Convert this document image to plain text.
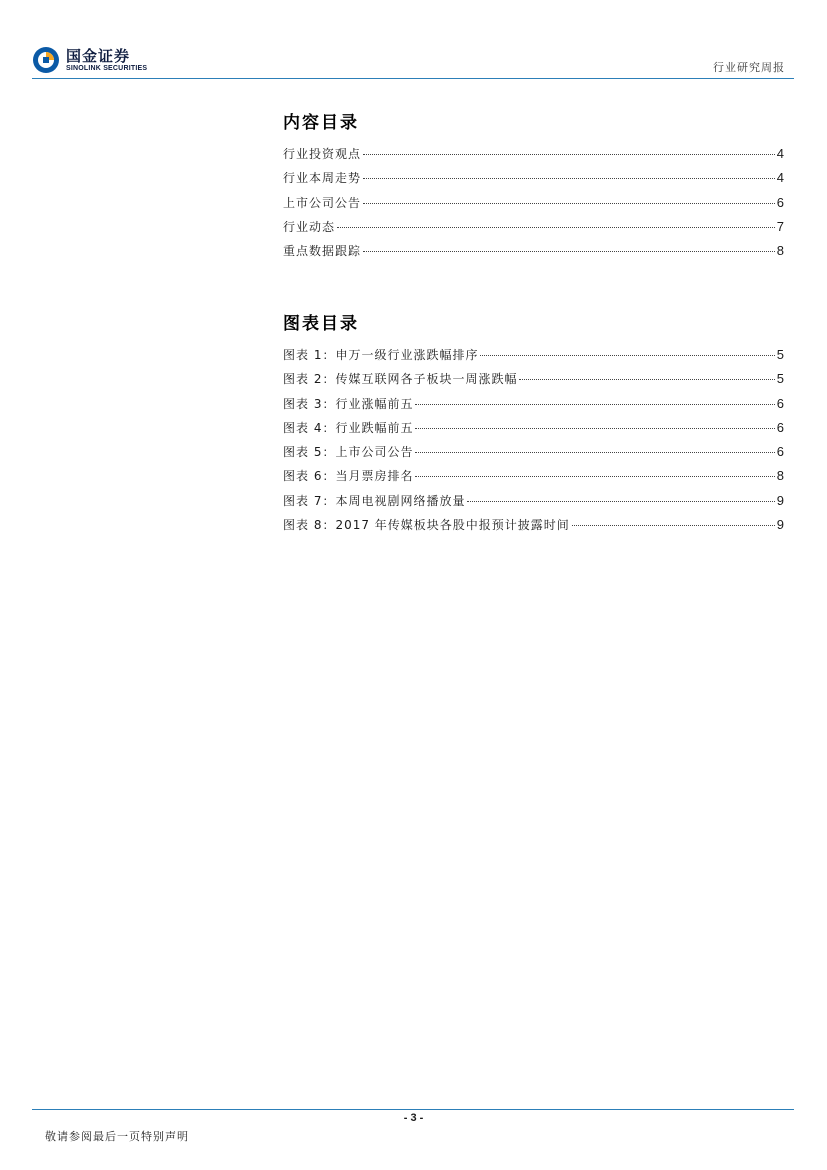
国金证券
SINOLINK SECURITIES	行业研究周报
内容目录
行业投资观点	4
行业本周走势	4
上市公司公告	6
行业动态	7
重点数据跟踪	8
图表目录
图表 1：申万一级行业涨跌幅排序	5
图表 2：传媒互联网各子板块一周涨跌幅	5
图表 3：行业涨幅前五	6
图表 4：行业跌幅前五	6
图表 5：上市公司公告	6
图表 6：当月票房排名	8
图表 7：本周电视剧网络播放量	9
图表 8：2017 年传媒板块各股中报预计披露时间	9
- 3 -
敬请参阅最后一页特别声明
